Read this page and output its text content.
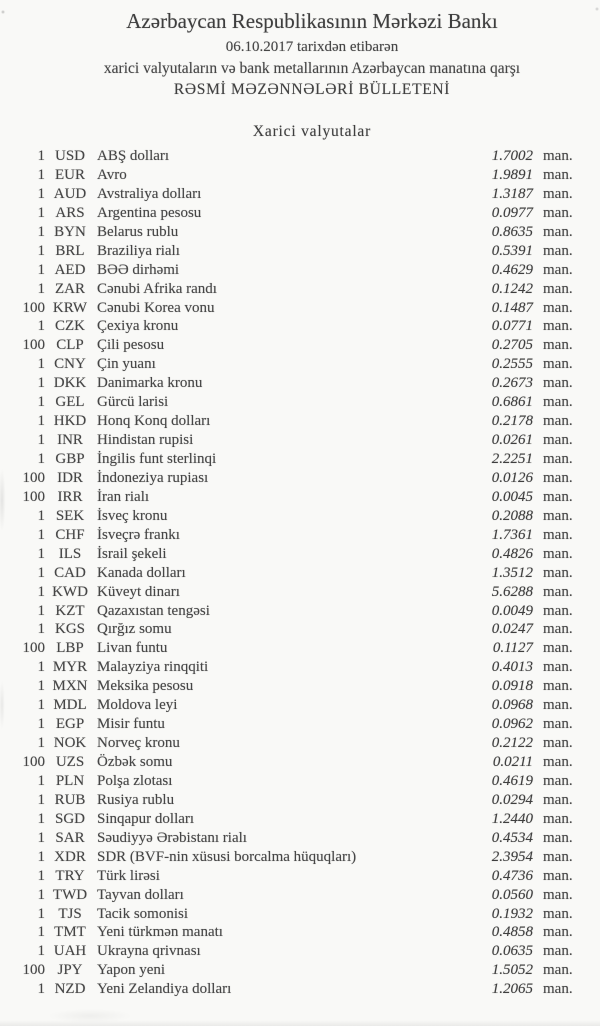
Azərbaycan Respublikasının Mərkəzi Bankı
06.10.2017 tarixdən etibarən
xarici valyutaların və bank metallarının Azərbaycan manatına qarşı
RƏSMİ MƏZƏNNƏLƏRİ BÜLLETENİ
Xarici valyutalar
1 USD ABŞ dolları	1.7002 man.
1 EUR Avro	1.9891 man.
1 AUD Avstraliya dolları	1.3187 man.
1 ARS Argentina pesosu	0.0977 man.
1 BYN Belarus rublu	0.8635 man.
1 BRL Braziliya rialı	0.5391 man.
1 AED BƏƏ dirhəmi	0.4629 man.
1 ZAR Cənubi Afrika randı	0.1242 man.
100 KRW Cənubi Korea vonu	0.1487 man.
1 CZK Çexiya kronu	0.0771 man.
100 CLP Çili pesosu	0.2705 man.
1 CNY Çin yuanı	0.2555 man.
1 DKK Danimarka kronu	0.2673 man.
1 GEL Gürcü larisi	0.6861 man.
1 HKD Honq Konq dolları	0.2178 man.
1 INR Hindistan rupisi	0.0261 man.
1 GBP İngilis funt sterlinqi	2.2251 man.
100 IDR İndoneziya rupiası	0.0126 man.
100 IRR İran rialı	0.0045 man.
1 SEK İsveç kronu	0.2088 man.
1 CHF İsveçrə frankı	1.7361 man.
1 ILS	İsrail şekeli	0.4826 man.
1 CAD Kanada dolları	1.3512 man.
1 KWD Küveyt dinarı	5.6288 man.
1 KZT Qazaxıstan tengəsi	0.0049 man.
1 KGS Qırğız somu	0.0247 man.
100 LBP Livan funtu	0.1127 man.
1 MYR Malayziya rinqqiti	0.4013 man.
1 MXN Meksika pesosu	0.0918 man.
1 MDL Moldova leyi	0.0968 man.
1 EGP Misir funtu	0.0962 man.
1 NOK Norveç kronu	0.2122 man.
100 UZS Özbək somu	0.0211 man.
1 PLN Polşa zlotası	0.4619 man.
1 RUB Rusiya rublu	0.0294 man.
1 SGD Sinqapur dolları	1.2440 man.
1 SAR Səudiyyə Ərəbistanı rialı	0.4534 man.
1 XDR SDR (BVF-nin xüsusi borcalma hüquqları)	2.3954 man.
1 TRY Türk lirəsi	0.4736 man.
1 TWD Tayvan dolları	0.0560 man.
1 TJS	Tacik somonisi	0.1932 man.
1 TMT Yeni türkmən manatı	0.4858 man.
1 UAH Ukrayna qrivnası	0.0635 man.
100 JPY Yapon yeni	1.5052 man.
1 NZD Yeni Zelandiya dolları	1.2065 man.
